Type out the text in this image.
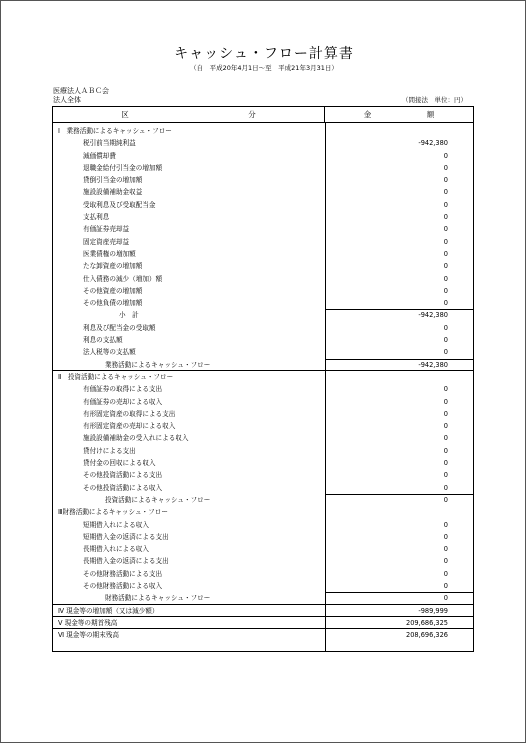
キャッシュ・フロー計算書
（自　平成20年4月1日～至　平成21年3月31日）
医療法人ＡＢＣ会
法人全体	（間接法　単位：円）
区　分	金　額
Ⅰ　業務活動によるキャッシュ・フロー
税引前当期純利益	-942,380
減価償却費	0
退職金給付引当金の増加額	0
貸倒引当金の増加額	0
施設設備補助金収益	0
受取利息及び受取配当金	0
支払利息	0
有価証券売却益	0
固定資産売却益	0
医業債権の増加額	0
たな卸資産の増加額	0
仕入債務の減少（増加）額	0
その他資産の増加額	0
その他負債の増加額	0
小　計	-942,380
利息及び配当金の受取額	0
利息の支払額	0
法人税等の支払額	0
業務活動によるキャッシュ・フロー	-942,380
Ⅱ　投資活動によるキャッシュ・フロー
有価証券の取得による支出	0
有価証券の売却による収入	0
有形固定資産の取得による支出	0
有形固定資産の売却による収入	0
施設設備補助金の受入れによる収入	0
貸付けによる支出	0
貸付金の回収による収入	0
その他投資活動による支出	0
その他投資活動による収入	0
投資活動によるキャッシュ・フロー	0
Ⅲ財務活動によるキャッシュ・フロー
短期借入れによる収入	0
短期借入金の返済による支出	0
長期借入れによる収入	0
長期借入金の返済による支出	0
その他財務活動による支出	0
その他財務活動による収入	0
財務活動によるキャッシュ・フロー	0
Ⅳ 現金等の増加額（又は減少額）	-989,999
Ⅴ 現金等の期首残高	209,686,325
Ⅵ 現金等の期末残高	208,696,326
